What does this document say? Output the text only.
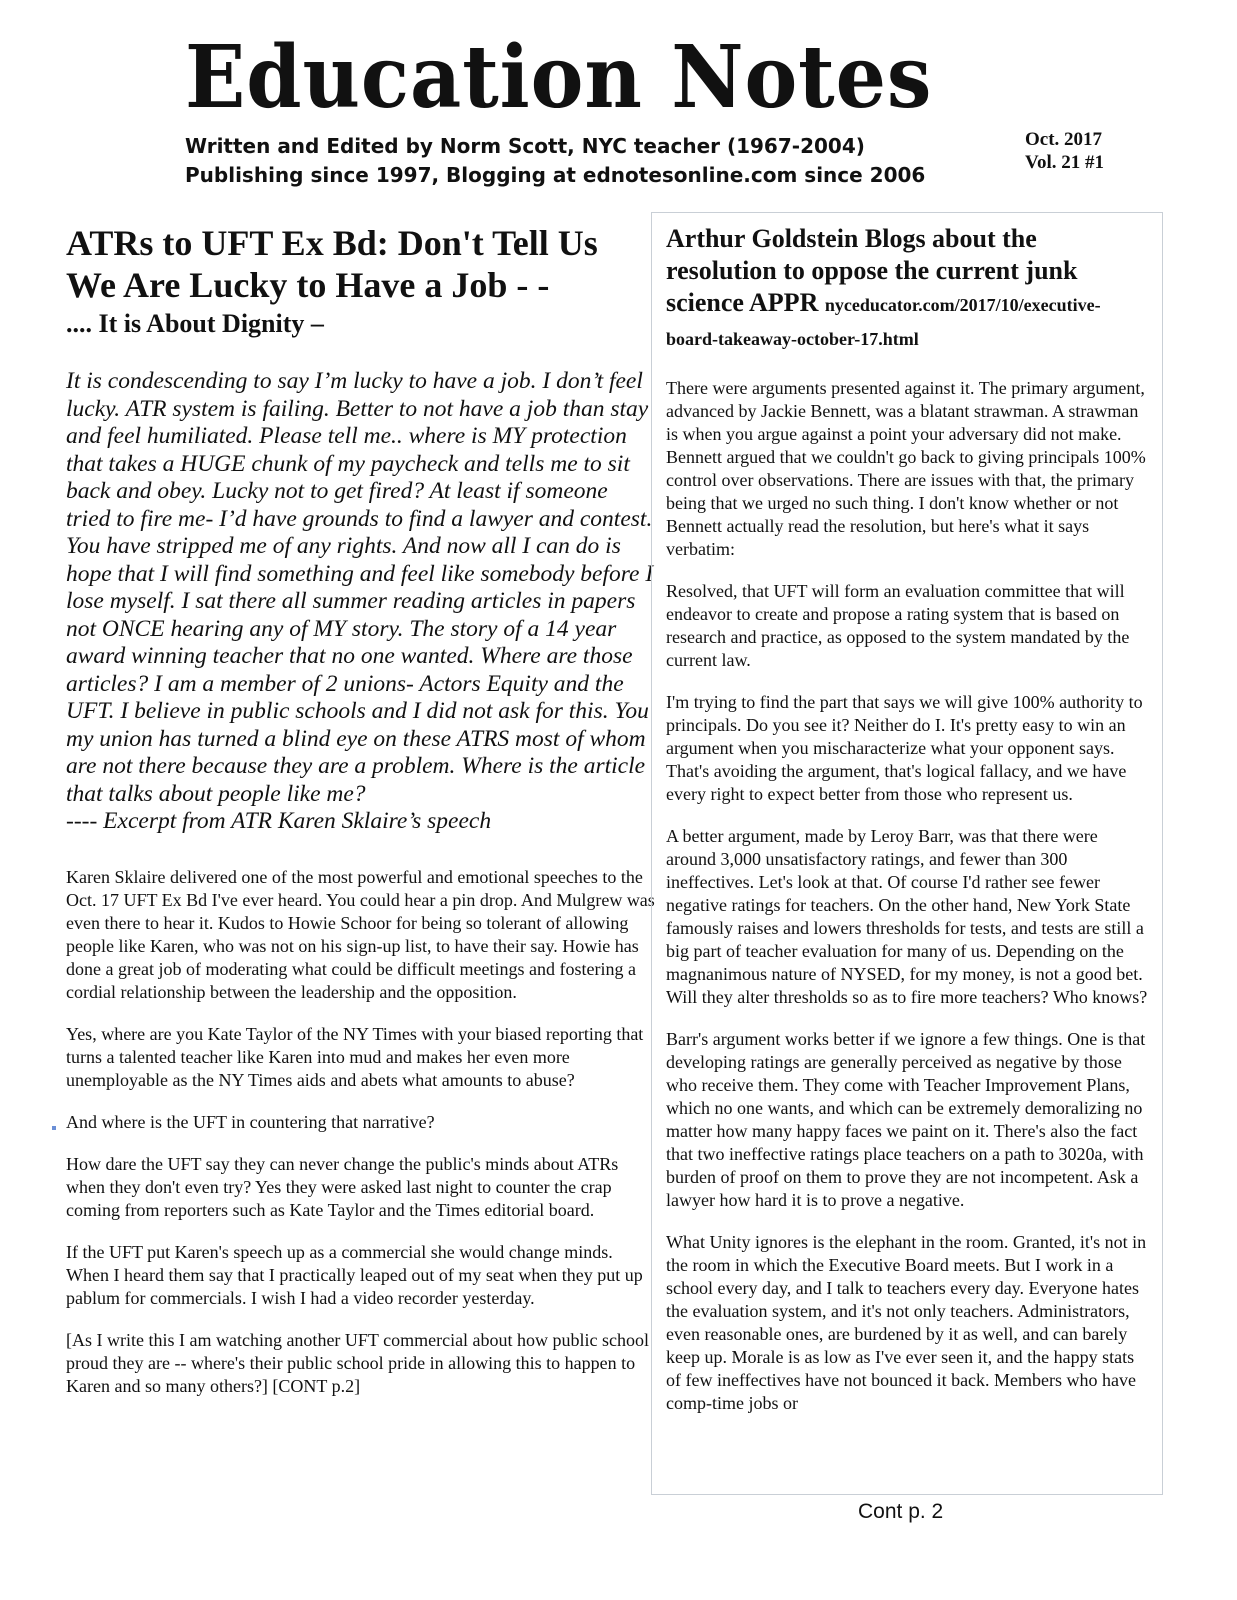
Education Notes
Written and Edited by Norm Scott, NYC teacher (1967-2004)
Publishing since 1997, Blogging at ednotesonline.com since 2006
Oct. 2017
Vol. 21 #1
ATRs to UFT Ex Bd: Don't Tell Us We Are Lucky to Have a Job - -
.... It is About Dignity –

It is condescending to say I’m lucky to have a job. I don’t feel lucky. ATR system is failing. Better to not have a job than stay and feel humiliated. Please tell me.. where is MY protection that takes a HUGE chunk of my paycheck and tells me to sit back and obey. Lucky not to get fired? At least if someone tried to fire me- I’d have grounds to find a lawyer and contest. You have stripped me of any rights. And now all I can do is hope that I will find something and feel like somebody before I lose myself. I sat there all summer reading articles in papers not ONCE hearing any of MY story. The story of a 14 year award winning teacher that no one wanted. Where are those articles? I am a member of 2 unions- Actors Equity and the UFT. I believe in public schools and I did not ask for this. You my union has turned a blind eye on these ATRS most of whom are not there because they are a problem. Where is the article that talks about people like me?

---- Excerpt from ATR Karen Sklaire’s speech

Karen Sklaire delivered one of the most powerful and emotional speeches to the Oct. 17 UFT Ex Bd I've ever heard. You could hear a pin drop. And Mulgrew was even there to hear it. Kudos to Howie Schoor for being so tolerant of allowing people like Karen, who was not on his sign-up list, to have their say. Howie has done a great job of moderating what could be difficult meetings and fostering a cordial relationship between the leadership and the opposition.

Yes, where are you Kate Taylor of the NY Times with your biased reporting that turns a talented teacher like Karen into mud and makes her even more unemployable as the NY Times aids and abets what amounts to abuse?

And where is the UFT in countering that narrative?

How dare the UFT say they can never change the public's minds about ATRs when they don't even try? Yes they were asked last night to counter the crap coming from reporters such as Kate Taylor and the Times editorial board.

If the UFT put Karen's speech up as a commercial she would change minds. When I heard them say that I practically leaped out of my seat when they put up pablum for commercials. I wish I had a video recorder yesterday.

[As I write this I am watching another UFT commercial about how public school proud they are -- where's their public school pride in allowing this to happen to Karen and so many others?] [CONT p.2]

Arthur Goldstein Blogs about the resolution to oppose the current junk science APPR nyceducator.com/2017/10/executive-board-takeaway-october-17.html

There were arguments presented against it. The primary argument, advanced by Jackie Bennett, was a blatant strawman. A strawman is when you argue against a point your adversary did not make. Bennett argued that we couldn't go back to giving principals 100% control over observations. There are issues with that, the primary being that we urged no such thing. I don't know whether or not Bennett actually read the resolution, but here's what it says verbatim:

Resolved, that UFT will form an evaluation committee that will endeavor to create and propose a rating system that is based on research and practice, as opposed to the system mandated by the current law.

I'm trying to find the part that says we will give 100% authority to principals. Do you see it? Neither do I. It's pretty easy to win an argument when you mischaracterize what your opponent says. That's avoiding the argument, that's logical fallacy, and we have every right to expect better from those who represent us.

A better argument, made by Leroy Barr, was that there were around 3,000 unsatisfactory ratings, and fewer than 300 ineffectives. Let's look at that. Of course I'd rather see fewer negative ratings for teachers. On the other hand, New York State famously raises and lowers thresholds for tests, and tests are still a big part of teacher evaluation for many of us. Depending on the magnanimous nature of NYSED, for my money, is not a good bet. Will they alter thresholds so as to fire more teachers? Who knows?

Barr's argument works better if we ignore a few things. One is that developing ratings are generally perceived as negative by those who receive them. They come with Teacher Improvement Plans, which no one wants, and which can be extremely demoralizing no matter how many happy faces we paint on it. There's also the fact that two ineffective ratings place teachers on a path to 3020a, with burden of proof on them to prove they are not incompetent. Ask a lawyer how hard it is to prove a negative.

What Unity ignores is the elephant in the room. Granted, it's not in the room in which the Executive Board meets. But I work in a school every day, and I talk to teachers every day. Everyone hates the evaluation system, and it's not only teachers. Administrators, even reasonable ones, are burdened by it as well, and can barely keep up. Morale is as low as I've ever seen it, and the happy stats of few ineffectives have not bounced it back. Members who have comp-time jobs or

Cont p. 2
